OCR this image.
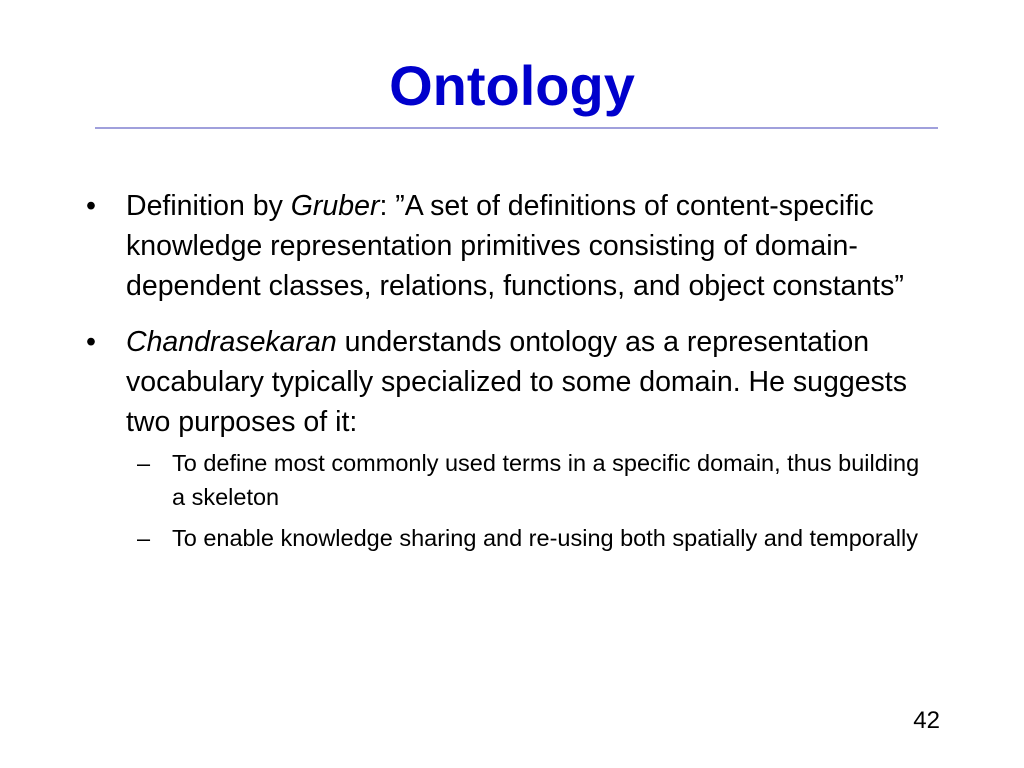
Ontology
•	Definition by Gruber: ”A set of definitions of content-specific knowledge representation primitives consisting of domain-dependent classes, relations, functions, and object constants”
•	Chandrasekaran understands ontology as a representation vocabulary typically specialized to some domain. He suggests two purposes of it:
– To define most commonly used terms in a specific domain, thus building a skeleton
– To enable knowledge sharing and re-using both spatially and temporally
42
